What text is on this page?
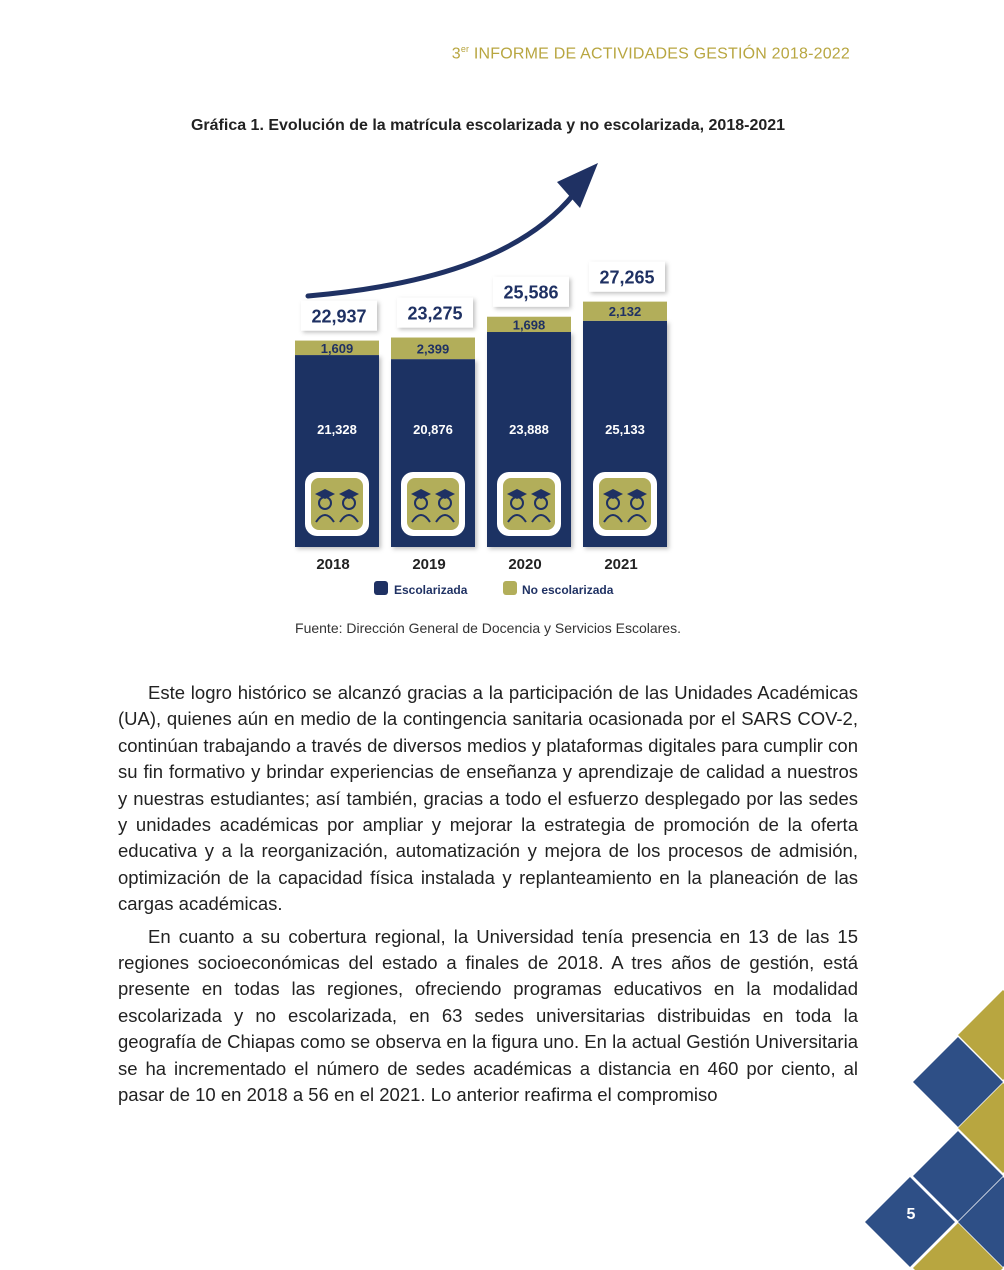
3er INFORME DE ACTIVIDADES GESTIÓN 2018-2022
Gráfica 1. Evolución de la matrícula escolarizada y no escolarizada, 2018-2021
21,328
1,609
22,937
2018
20,876
2,399
23,275
2019
23,888
1,698
25,586
2020
25,133
2,132
27,265
2021
Escolarizada	No escolarizada
Fuente: Dirección General de Docencia y Servicios Escolares.

Este logro histórico se alcanzó gracias a la participación de las Unidades Académicas (UA), quienes aún en medio de la contingencia sanitaria ocasionada por el SARS COV-2, continúan trabajando a través de diversos medios y plataformas digitales para cumplir con su fin formativo y brindar experiencias de enseñanza y aprendizaje de calidad a nuestros y nuestras estudiantes; así también, gracias a todo el esfuerzo desplegado por las sedes y unidades académicas por ampliar y mejorar la estrategia de promoción de la oferta educativa y a la reorganización, automatización y mejora de los procesos de admisión, optimización de la capacidad física instalada y replanteamiento en la planeación de las cargas académicas.

En cuanto a su cobertura regional, la Universidad tenía presencia en 13 de las 15 regiones socioeconómicas del estado a finales de 2018. A tres años de gestión, está presente en todas las regiones, ofreciendo programas educativos en la modalidad escolarizada y no escolarizada, en 63 sedes universitarias distribuidas en toda la geografía de Chiapas como se observa en la figura uno. En la actual Gestión Universitaria se ha incrementado el número de sedes académicas a distancia en 460 por ciento, al pasar de 10 en 2018 a 56 en el 2021. Lo anterior reafirma el compromiso

5
